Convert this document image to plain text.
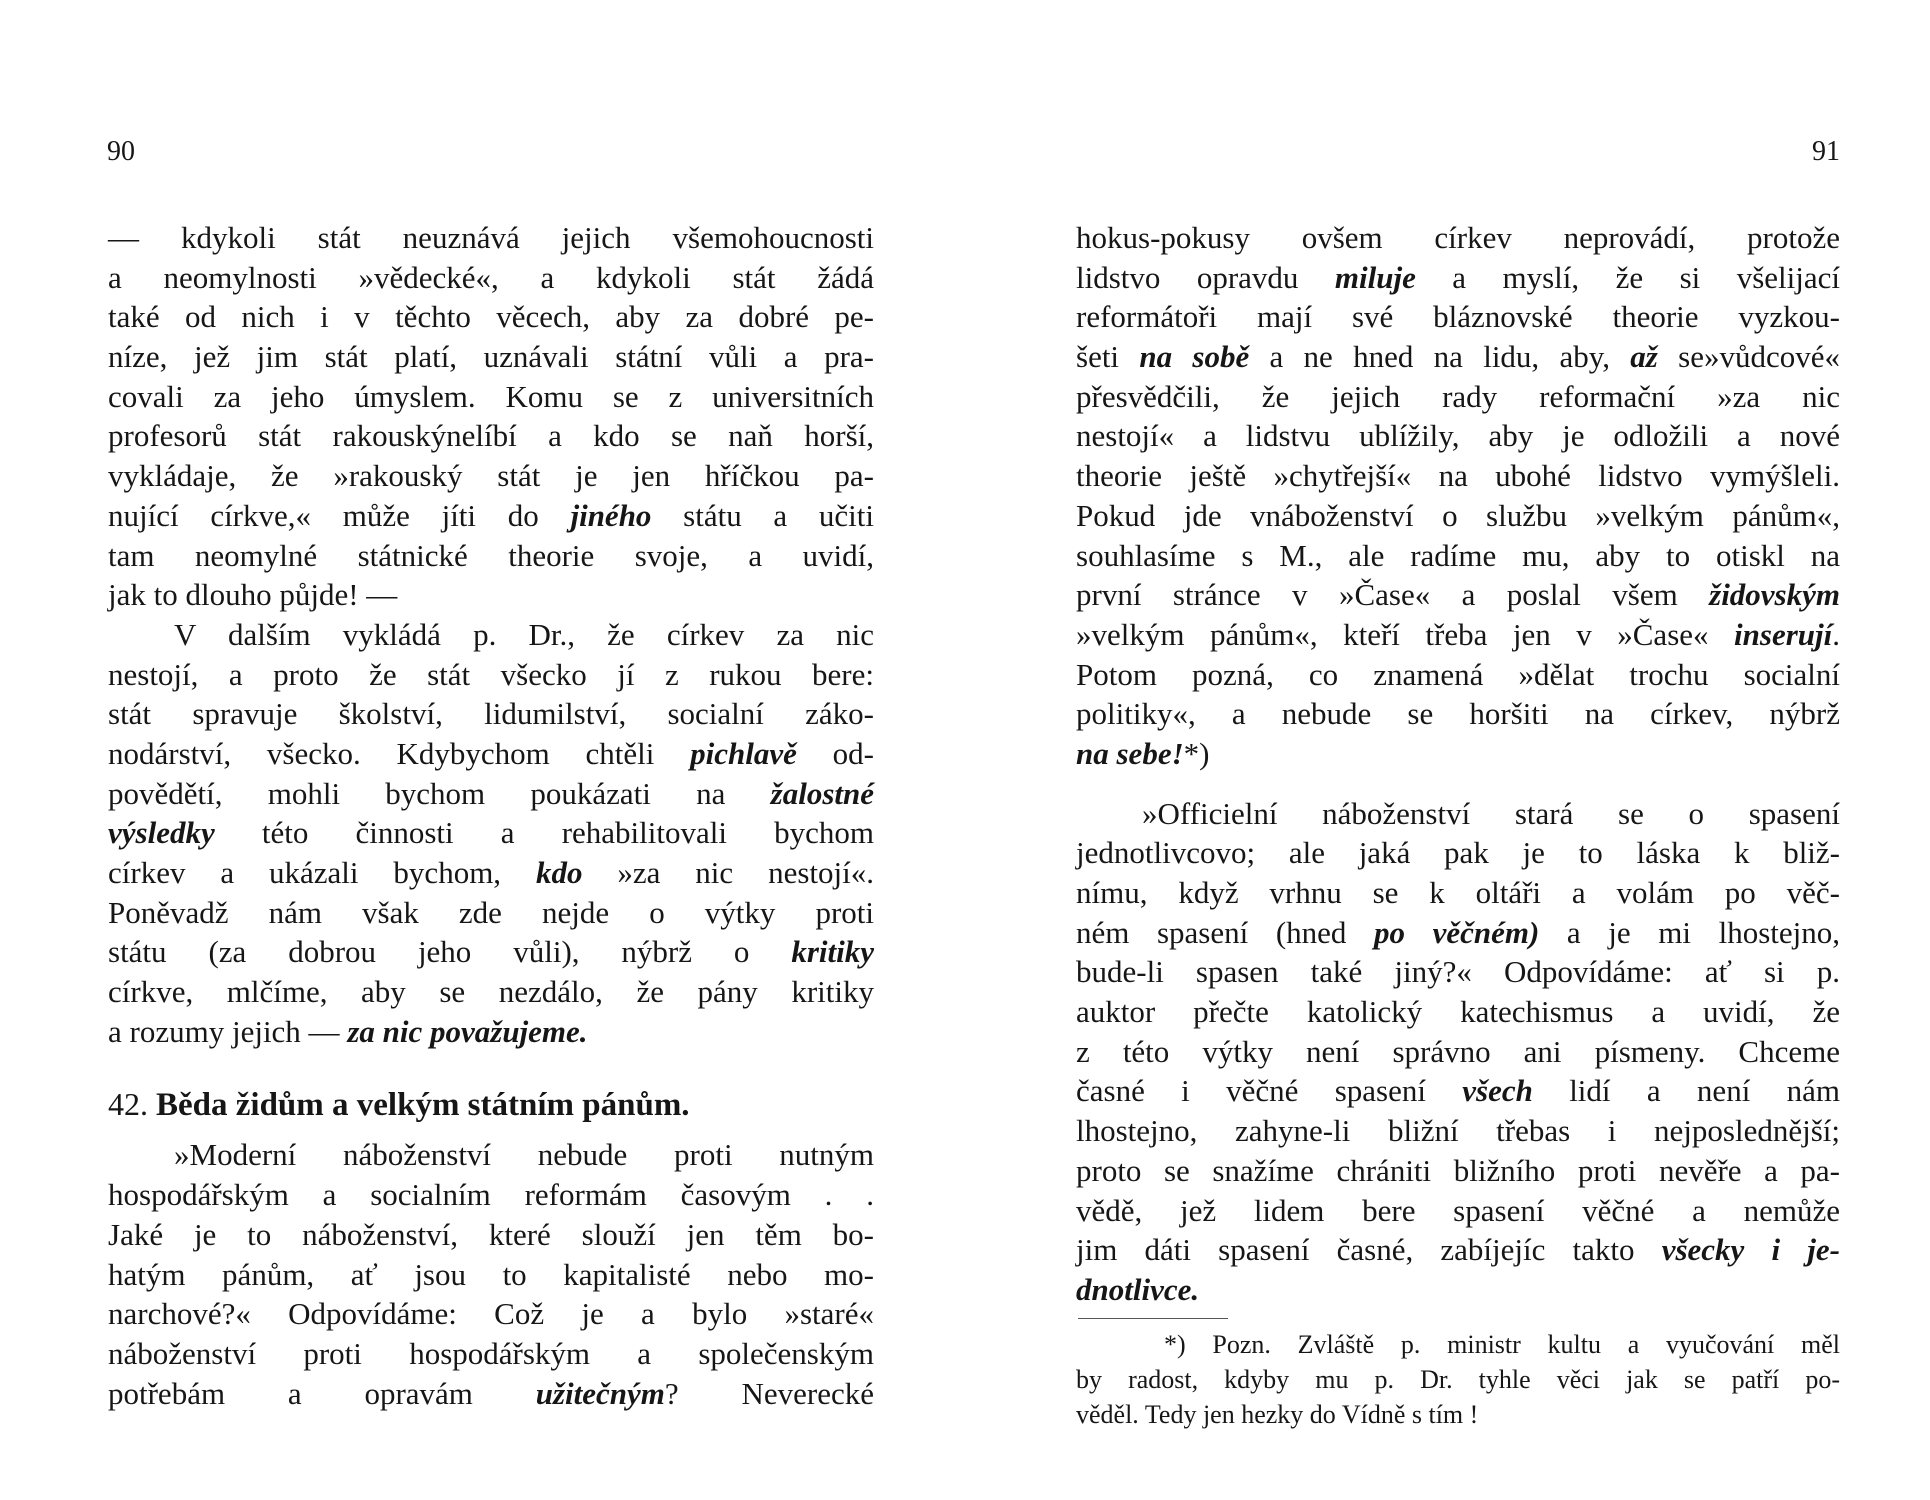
90	91
— kdykoli stát neuznává jejich všemohoucnosti
a neomylnosti »vědecké«, a kdykoli stát žádá
také od nich i v těchto věcech, aby za dobré pe-
níze, jež jim stát platí, uznávali státní vůli a pra-
covali za jeho úmyslem. Komu se z universitních
profesorů stát rakouskýnelíbí a kdo se naň horší,
vykládaje, že »rakouský stát je jen hříčkou pa-
nující církve,« může jíti do jiného státu a učiti
tam neomylné státnické theorie svoje, a uvidí,
jak to dlouho půjde! —
V dalším vykládá p. Dr., že církev za nic
nestojí, a proto že stát všecko jí z rukou bere:
stát spravuje školství, lidumilství, socialní záko-
nodárství, všecko. Kdybychom chtěli pichlavě od-
povědětí, mohli bychom poukázati na žalostné
výsledky této činnosti a rehabilitovali bychom
církev a ukázali bychom, kdo »za nic nestojí«.
Poněvadž nám však zde nejde o výtky proti
státu (za dobrou jeho vůli), nýbrž o kritiky
církve, mlčíme, aby se nezdálo, že pány kritiky
a rozumy jejich — za nic považujeme.
42. Běda židům a velkým státním pánům.
»Moderní náboženství nebude proti nutným
hospodářským a socialním reformám časovým . .
Jaké je to náboženství, které slouží jen těm bo-
hatým pánům, ať jsou to kapitalisté nebo mo-
narchové?« Odpovídáme: Což je a bylo »staré«
náboženství proti hospodářským a společenským
potřebám a opravám užitečným? Neverecké
hokus-pokusy ovšem církev neprovádí, protože
lidstvo opravdu miluje a myslí, že si všelijací
reformátoři mají své bláznovské theorie vyzkou-
šeti na sobě a ne hned na lidu, aby, až se»vůdcové«
přesvědčili, že jejich rady reformační »za nic
nestojí« a lidstvu ublížily, aby je odložili a nové
theorie ještě »chytřejší« na ubohé lidstvo vymýšleli.
Pokud jde vnáboženství o službu »velkým pánům«,
souhlasíme s M., ale radíme mu, aby to otiskl na
první stránce v »Čase« a poslal všem židovským
»velkým pánům«, kteří třeba jen v »Čase« inserují.
Potom pozná, co znamená »dělat trochu socialní
politiky«, a nebude se horšiti na církev, nýbrž
na sebe!*)
»Officielní náboženství stará se o spasení
jednotlivcovo; ale jaká pak je to láska k bliž-
nímu, když vrhnu se k oltáři a volám po věč-
ném spasení (hned po věčném) a je mi lhostejno,
bude-li spasen také jiný?« Odpovídáme: ať si p.
auktor přečte katolický katechismus a uvidí, že
z této výtky není správno ani písmeny. Chceme
časné i věčné spasení všech lidí a není nám
lhostejno, zahyne-li bližní třebas i nejposlednější;
proto se snažíme chrániti bližního proti nevěře a pa-
vědě, jež lidem bere spasení věčné a nemůže
jim dáti spasení časné, zabíjejíc takto všecky i je-
dnotlivce.
*) Pozn. Zvláště p. ministr kultu a vyučování měl
by radost, kdyby mu p. Dr. tyhle věci jak se patří po-
věděl. Tedy jen hezky do Vídně s tím !
